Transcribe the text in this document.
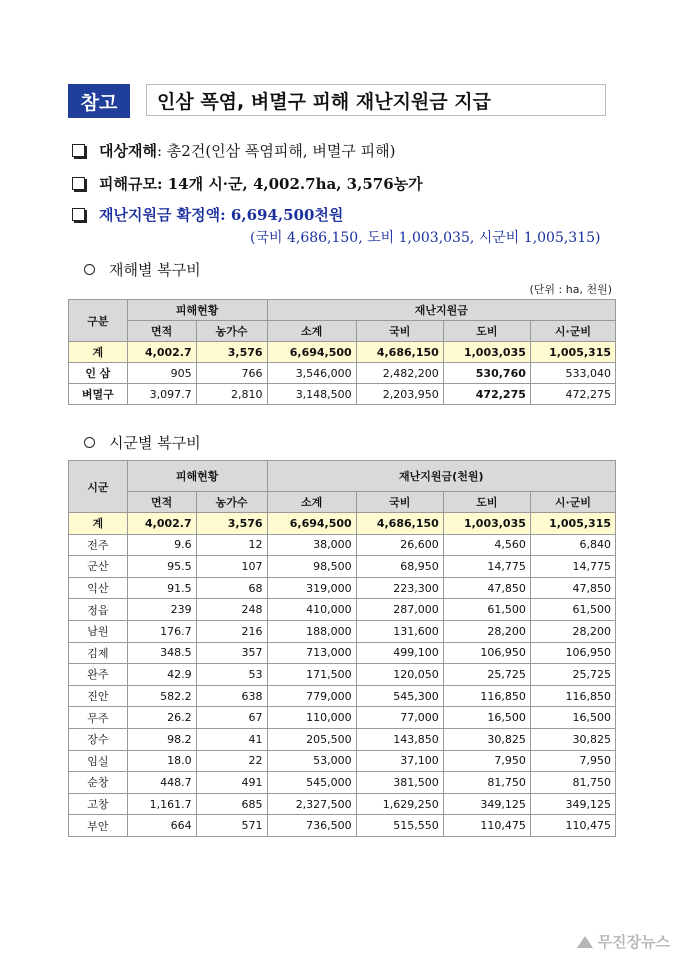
참고	인삼 폭염, 벼멸구 피해 재난지원금 지급
대상재해 : 총2건(인삼 폭염피해, 벼멸구 피해)
피해규모 : 14개 시·군, 4,002.7ha, 3,576농가
재난지원금 확정액 : 6,694,500천원
(국비 4,686,150, 도비 1,003,035, 시군비 1,005,315)
재해별 복구비
(단위 : ha, 천원)
구분	피해현황		재난지원금			
	면적	농가수	소계	국비	도비	시·군비
계	4,002.7	3,576	6,694,500	4,686,150	1,003,035	1,005,315
인 삼	905	766	3,546,000	2,482,200	530,760	533,040
벼멸구	3,097.7	2,810	3,148,500	2,203,950	472,275	472,275
시군별 복구비
시군	피해현황		재난지원금(천원)			
	면적	농가수	소계	국비	도비	시·군비
계	4,002.7	3,576	6,694,500	4,686,150	1,003,035	1,005,315
전주	9.6	12	38,000	26,600	4,560	6,840
군산	95.5	107	98,500	68,950	14,775	14,775
익산	91.5	68	319,000	223,300	47,850	47,850
정읍	239	248	410,000	287,000	61,500	61,500
남원	176.7	216	188,000	131,600	28,200	28,200
김제	348.5	357	713,000	499,100	106,950	106,950
완주	42.9	53	171,500	120,050	25,725	25,725
진안	582.2	638	779,000	545,300	116,850	116,850
무주	26.2	67	110,000	77,000	16,500	16,500
장수	98.2	41	205,500	143,850	30,825	30,825
임실	18.0	22	53,000	37,100	7,950	7,950
순창	448.7	491	545,000	381,500	81,750	81,750
고창	1,161.7	685	2,327,500	1,629,250	349,125	349,125
부안	664	571	736,500	515,550	110,475	110,475
무진장뉴스
